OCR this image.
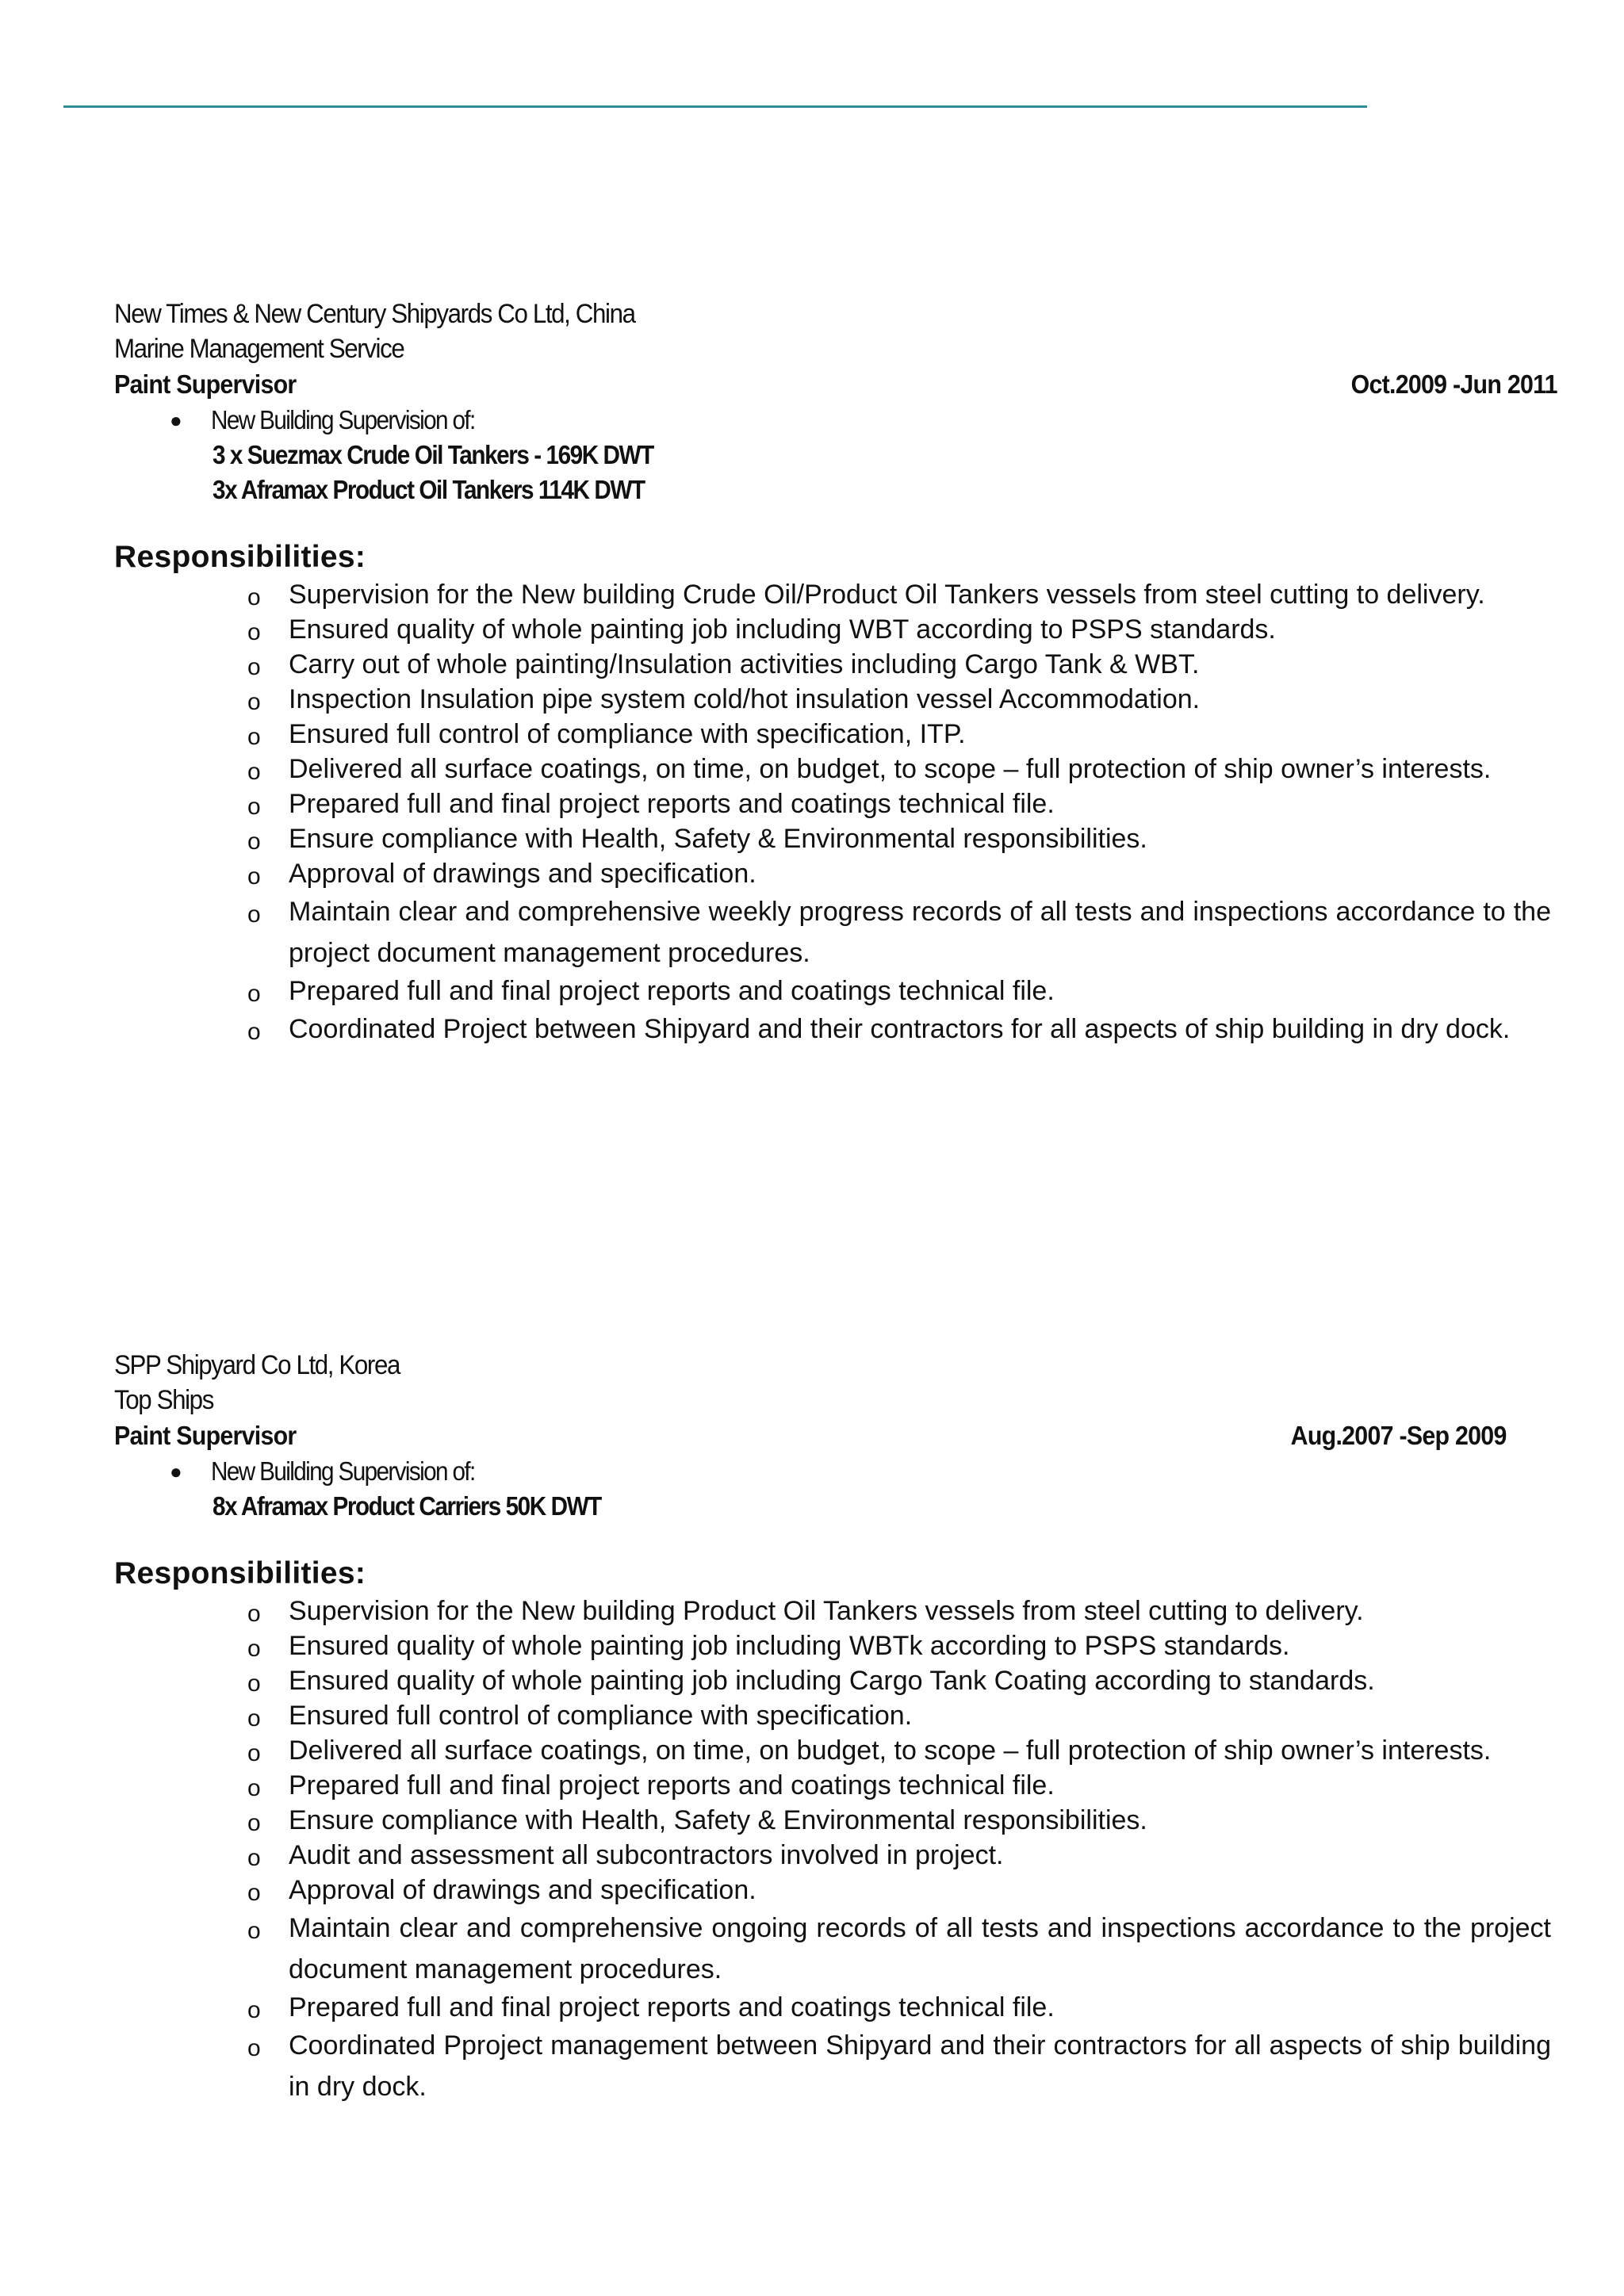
New Times & New Century Shipyards Co Ltd, China
Marine Management Service
Paint Supervisor	Oct.2009 -Jun 2011
● New Building Supervision of:
3 x Suezmax Crude Oil Tankers - 169K DWT
3x Aframax Product Oil Tankers 114K DWT
Responsibilities:
o Supervision for the New building Crude Oil/Product Oil Tankers vessels from steel cutting to delivery.
o Ensured quality of whole painting job including WBT according to PSPS standards.
o Carry out of whole painting/Insulation activities including Cargo Tank & WBT.
o Inspection Insulation pipe system cold/hot insulation vessel Accommodation.
o Ensured full control of compliance with specification, ITP.
o Delivered all surface coatings, on time, on budget, to scope – full protection of ship owner’s interests.
o Prepared full and final project reports and coatings technical file.
o Ensure compliance with Health, Safety & Environmental responsibilities.
o Approval of drawings and specification.
o Maintain clear and comprehensive weekly progress records of all tests and inspections accordance to the project document management procedures.
o Prepared full and final project reports and coatings technical file.
o Coordinated Project between Shipyard and their contractors for all aspects of ship building in dry dock.
SPP Shipyard Co Ltd, Korea
Top Ships
Paint Supervisor	Aug.2007 -Sep 2009
● New Building Supervision of:
8x Aframax Product Carriers 50K DWT
Responsibilities:
o Supervision for the New building Product Oil Tankers vessels from steel cutting to delivery.
o Ensured quality of whole painting job including WBTk according to PSPS standards.
o Ensured quality of whole painting job including Cargo Tank Coating according to standards.
o Ensured full control of compliance with specification.
o Delivered all surface coatings, on time, on budget, to scope – full protection of ship owner’s interests.
o Prepared full and final project reports and coatings technical file.
o Ensure compliance with Health, Safety & Environmental responsibilities.
o Audit and assessment all subcontractors involved in project.
o Approval of drawings and specification.
o Maintain clear and comprehensive ongoing records of all tests and inspections accordance to the project document management procedures.
o Prepared full and final project reports and coatings technical file.
o Coordinated Pproject management between Shipyard and their contractors for all aspects of ship building in dry dock.
